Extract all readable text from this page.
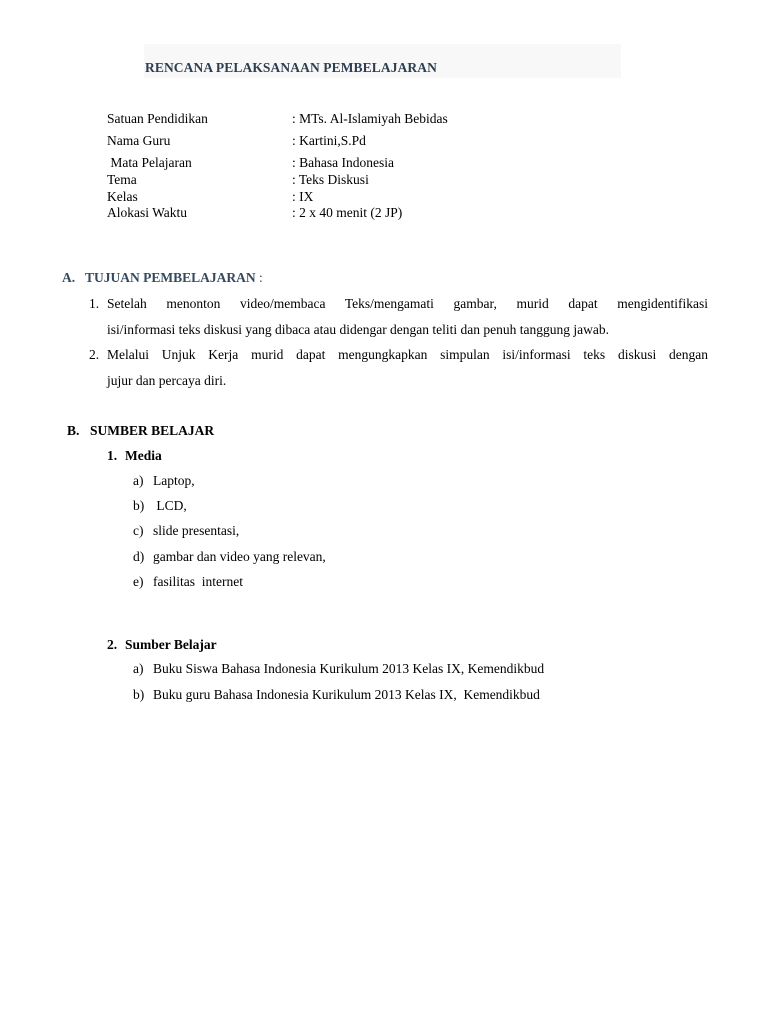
RENCANA PELAKSANAAN PEMBELAJARAN
Satuan Pendidikan	: MTs. Al-Islamiyah Bebidas
Nama Guru	: Kartini,S.Pd
Mata Pelajaran	: Bahasa Indonesia
Tema	: Teks Diskusi
Kelas	: IX
Alokasi Waktu	: 2 x 40 menit (2 JP)
A. TUJUAN PEMBELAJARAN :
1. Setelah menonton video/membaca Teks/mengamati gambar, murid dapat mengidentifikasi
isi/informasi teks diskusi yang dibaca atau didengar dengan teliti dan penuh tanggung jawab.
2. Melalui Unjuk Kerja murid dapat mengungkapkan simpulan isi/informasi teks diskusi dengan
jujur dan percaya diri.
B. SUMBER BELAJAR
1. Media
a) Laptop,
b) LCD,
c) slide presentasi,
d) gambar dan video yang relevan,
e) fasilitas  internet
2. Sumber Belajar
a) Buku Siswa Bahasa Indonesia Kurikulum 2013 Kelas IX, Kemendikbud
b) Buku guru Bahasa Indonesia Kurikulum 2013 Kelas IX,  Kemendikbud
